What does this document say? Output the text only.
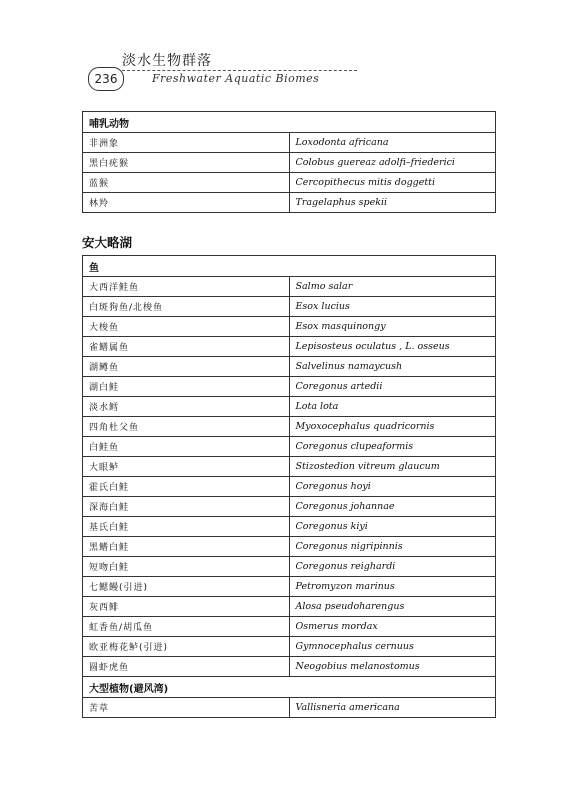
236
淡水生物群落
Freshwater Aquatic Biomes
哺乳动物	
非洲象	Loxodonta africana
黑白疣猴	Colobus guereaz adolfi–friederici
蓝猴	Cercopithecus mitis doggetti
林羚	Tragelaphus spekii
安大略湖
鱼	
大西洋鲑鱼	Salmo salar
白斑狗鱼/北梭鱼	Esox lucius
大梭鱼	Esox masquinongy
雀鳝属鱼	Lepisosteus oculatus , L. osseus
湖鳟鱼	Salvelinus namaycush
湖白鲑	Coregonus artedii
淡水鳕	Lota lota
四角杜父鱼	Myoxocephalus quadricornis
白鲑鱼	Coregonus clupeaformis
大眼鲈	Stizostedion vitreum glaucum
霍氏白鲑	Coregonus hoyi
深海白鲑	Coregonus johannae
基氏白鲑	Coregonus kiyi
黑鳍白鲑	Coregonus nigripinnis
短吻白鲑	Coregonus reighardi
七鳃鳗(引进)	Petromyzon marinus
灰西鲱	Alosa pseudoharengus
虹香鱼/胡瓜鱼	Osmerus mordax
欧亚梅花鲈(引进)	Gymnocephalus cernuus
圆虾虎鱼	Neogobius melanostomus
大型植物(避风湾)	
苦草	Vallisneria americana
